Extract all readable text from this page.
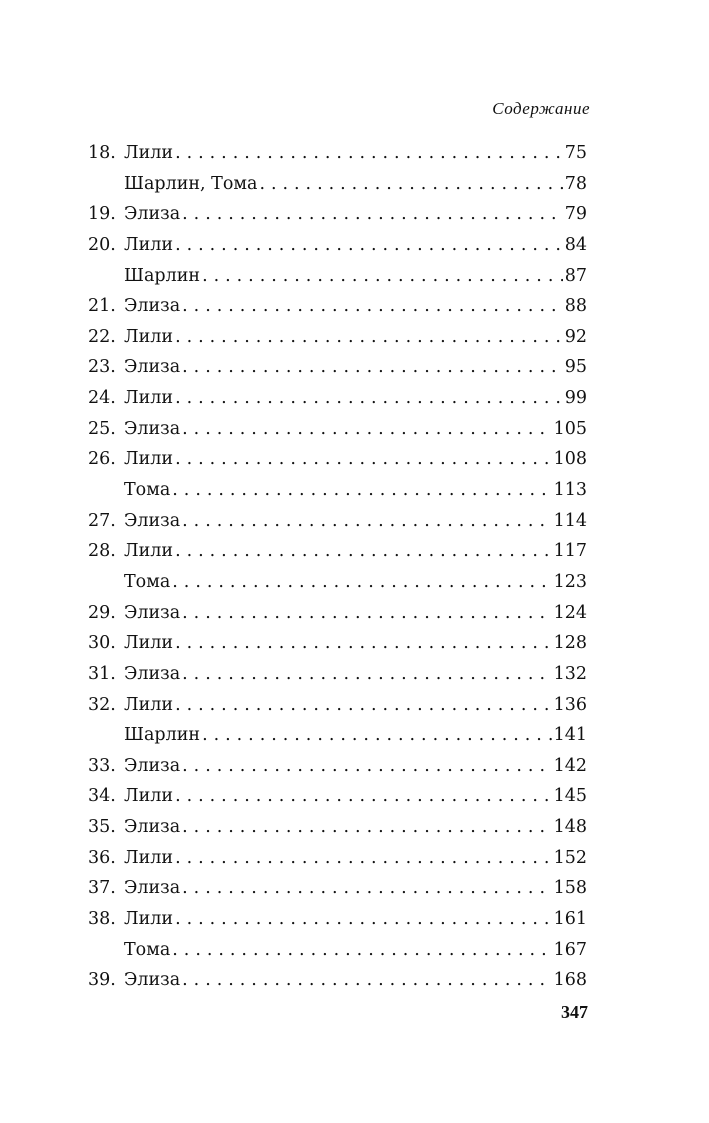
Содержание
18. Лили . . .	75
Шарлин, Тома . . .	78
19. Элиза . . .	79
20. Лили . . .	84
Шарлин . . .	87
21. Элиза . . .	88
22. Лили . . .	92
23. Элиза . . .	95
24. Лили . . .	99
25. Элиза . . .	105
26. Лили . . .	108
Тома . . .	113
27. Элиза . . .	114
28. Лили . . .	117
Тома . . .	123
29. Элиза . . .	124
30. Лили . . .	128
31. Элиза . . .	132
32. Лили . . .	136
Шарлин . . .	141
33. Элиза . . .	142
34. Лили . . .	145
35. Элиза . . .	148
36. Лили . . .	152
37. Элиза . . .	158
38. Лили . . .	161
Тома . . .	167
39. Элиза . . .	168
347
